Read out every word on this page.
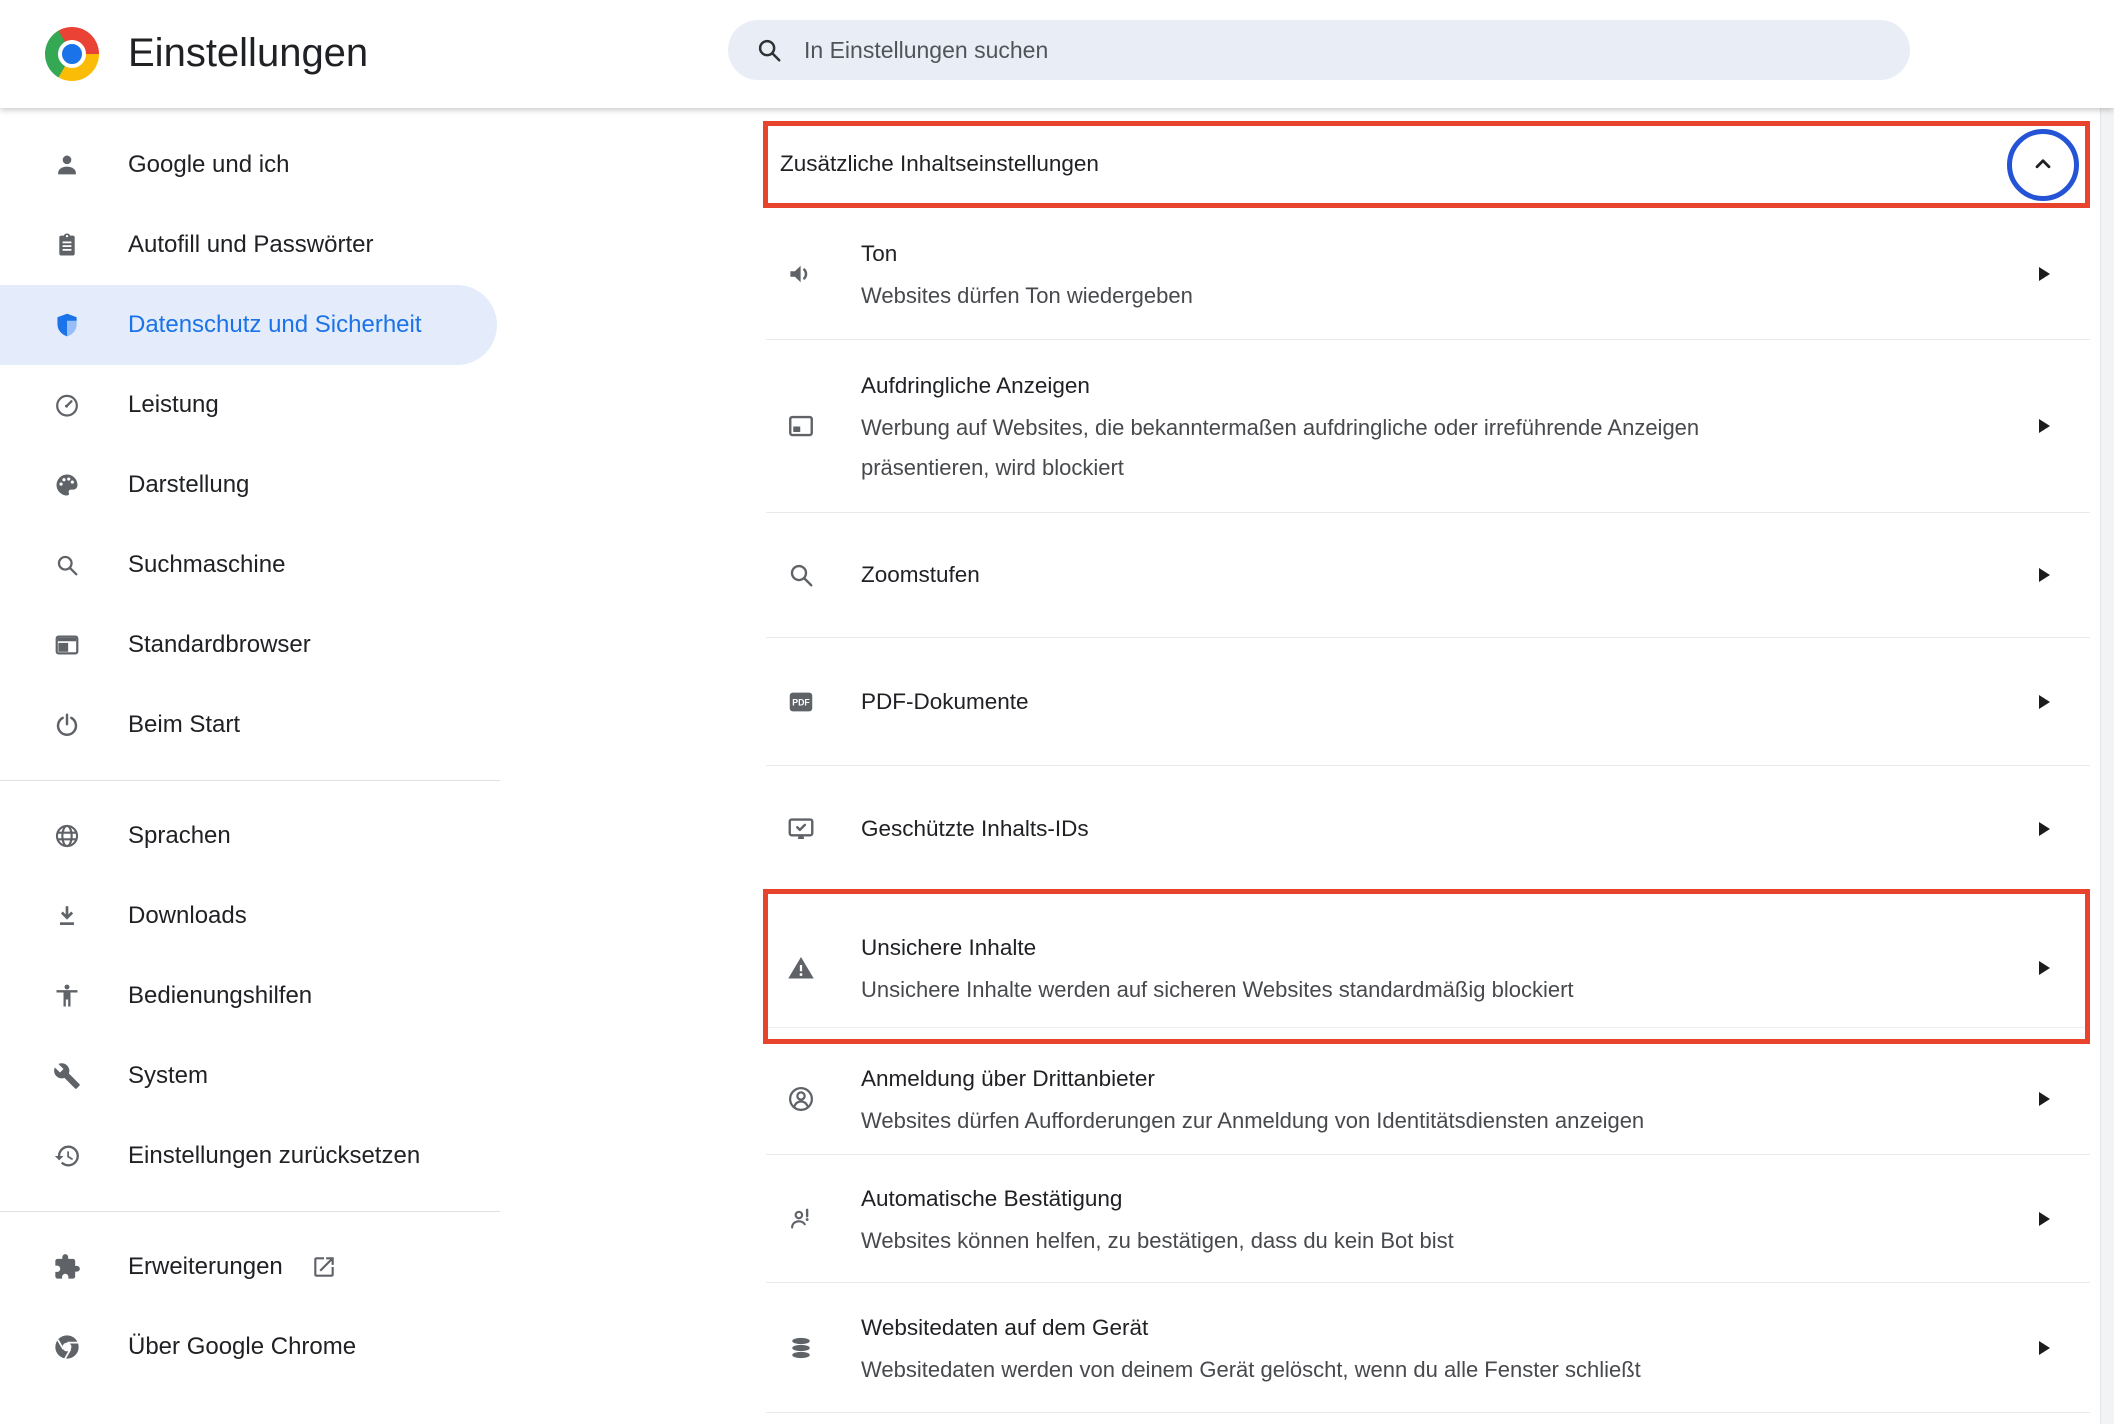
Einstellungen
In Einstellungen suchen
Google und ich
Autofill und Passwörter
Datenschutz und Sicherheit
Leistung
Darstellung
Suchmaschine
Standardbrowser
Beim Start
Sprachen
Downloads
Bedienungshilfen
System
Einstellungen zurücksetzen
Erweiterungen
Über Google Chrome
Zusätzliche Inhaltseinstellungen
Ton
Websites dürfen Ton wiedergeben
Aufdringliche Anzeigen
Werbung auf Websites, die bekanntermaßen aufdringliche oder irreführende Anzeigen präsentieren, wird blockiert
Zoomstufen
PDF PDF-Dokumente
Geschützte Inhalts-IDs
Unsichere Inhalte
Unsichere Inhalte werden auf sicheren Websites standardmäßig blockiert
Anmeldung über Drittanbieter
Websites dürfen Aufforderungen zur Anmeldung von Identitätsdiensten anzeigen
Automatische Bestätigung
Websites können helfen, zu bestätigen, dass du kein Bot bist
Websitedaten auf dem Gerät
Websitedaten werden von deinem Gerät gelöscht, wenn du alle Fenster schließt
